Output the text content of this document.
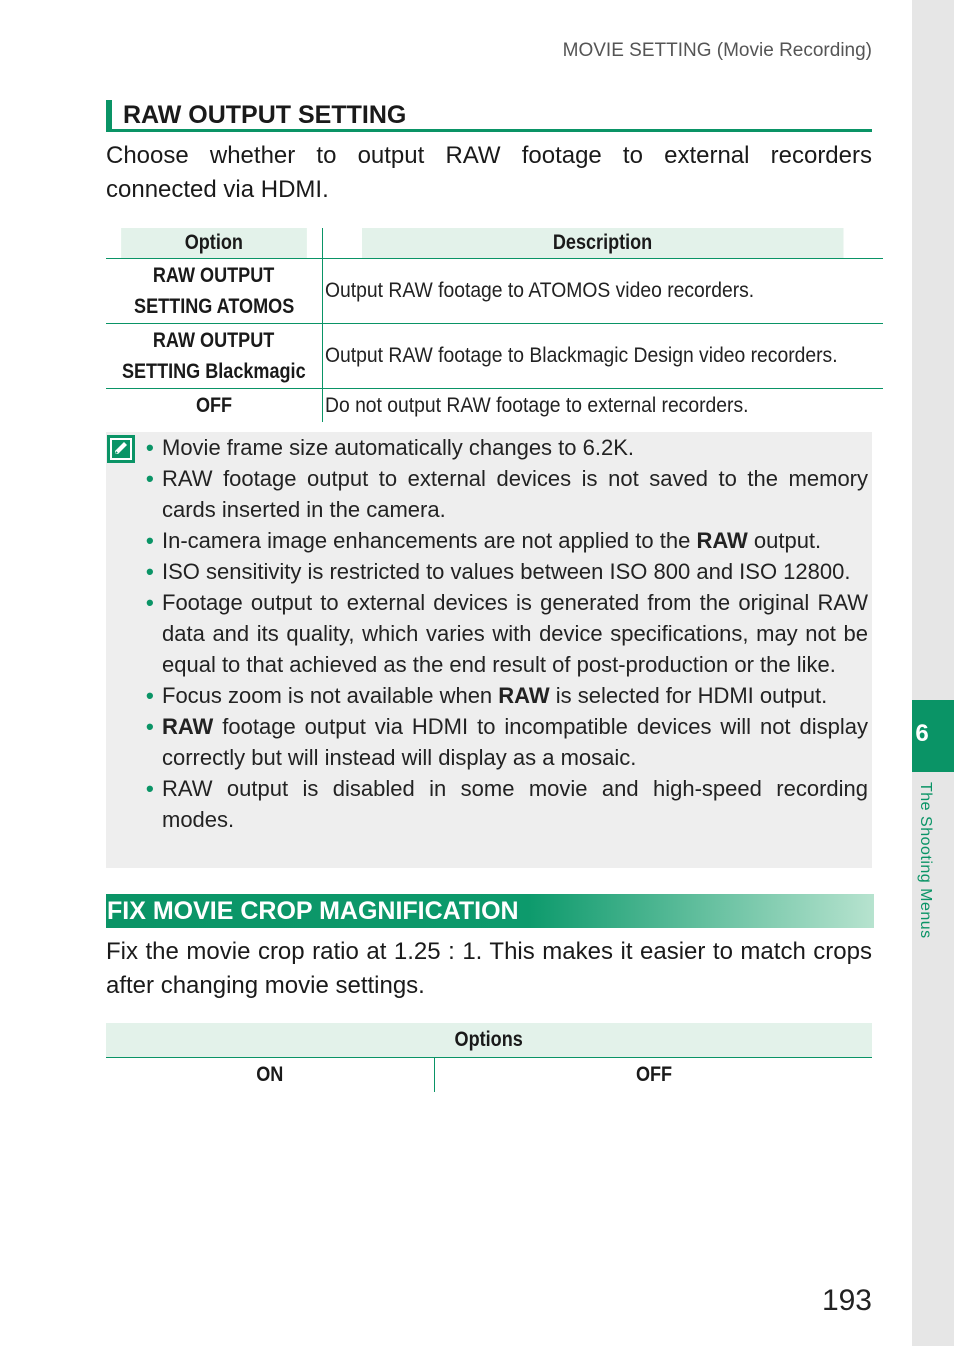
6
The Shooting Menus
MOVIE SETTING (Movie Recording)
RAW OUTPUT SETTING
Choose whether to output RAW footage to external recorders connected via HDMI.
Option	Description
RAW OUTPUT
SETTING ATOMOS	Output RAW footage to ATOMOS video recorders.
RAW OUTPUT
SETTING Blackmagic	Output RAW footage to Blackmagic Design video recorders.
OFF	Do not output RAW footage to external recorders.
• Movie frame size automatically changes to 6.2K.
• RAW footage output to external devices is not saved to the memory cards inserted in the camera.
• In-camera image enhancements are not applied to the RAW output.
• ISO sensitivity is restricted to values between ISO 800 and ISO 12800.
• Footage output to external devices is generated from the original RAW data and its quality, which varies with device specifications, may not be equal to that achieved as the end result of post-production or the like.
• Focus zoom is not available when RAW is selected for HDMI output.
• RAW footage output via HDMI to incompatible devices will not display correctly but will instead will display as a mosaic.
• RAW output is disabled in some movie and high-speed recording modes.
FIX MOVIE CROP MAGNIFICATION
Fix the movie crop ratio at 1.25 : 1. This makes it easier to match crops after changing movie settings.
Options
ON	OFF
193
